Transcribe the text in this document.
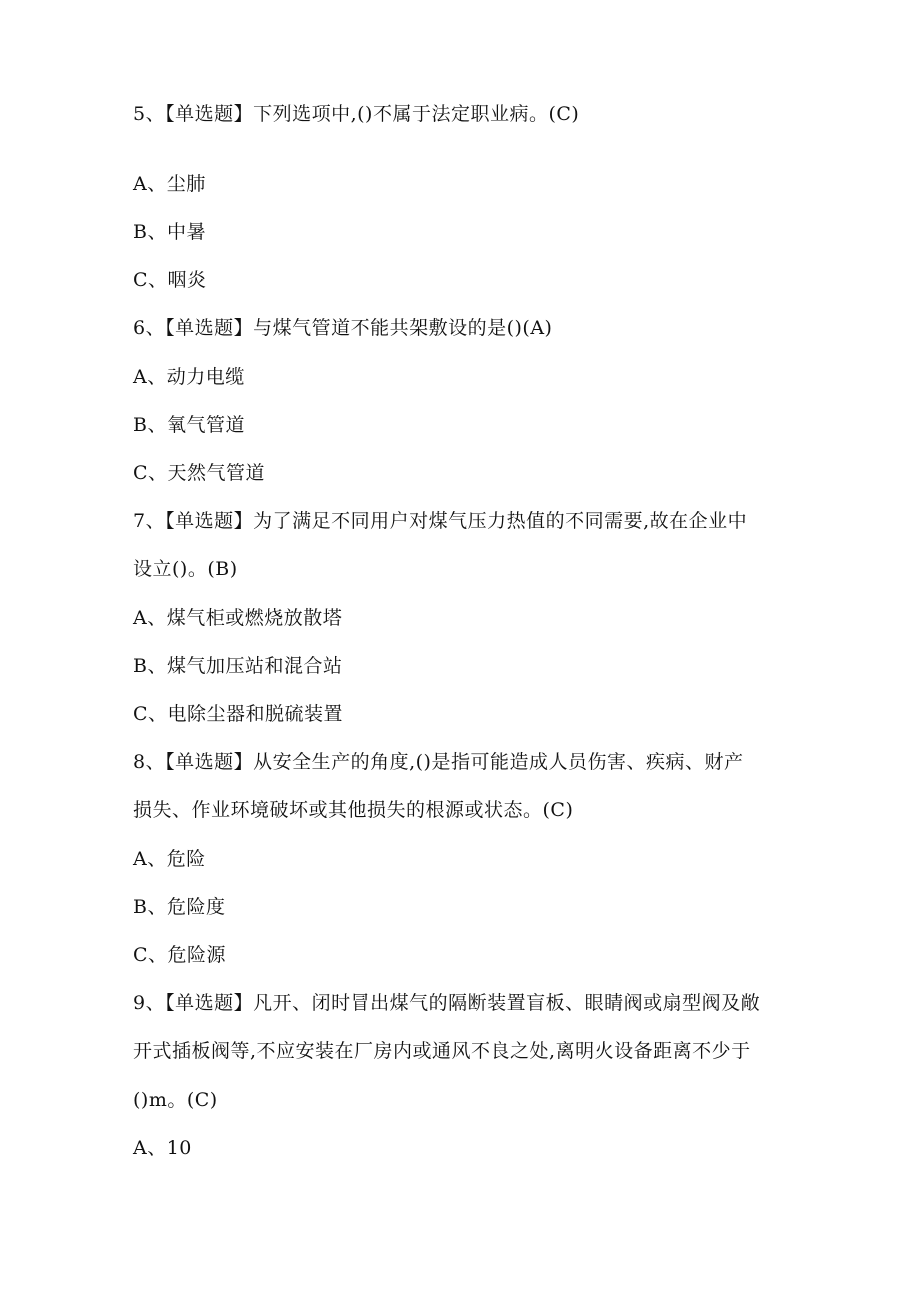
5、【单选题】下列选项中,()不属于法定职业病。(C)
A、尘肺
B、中暑
C、咽炎
6、【单选题】与煤气管道不能共架敷设的是()(A)
A、动力电缆
B、氧气管道
C、天然气管道
7、【单选题】为了满足不同用户对煤气压力热值的不同需要,故在企业中
设立()。(B)
A、煤气柜或燃烧放散塔
B、煤气加压站和混合站
C、电除尘器和脱硫装置
8、【单选题】从安全生产的角度,()是指可能造成人员伤害、疾病、财产
损失、作业环境破坏或其他损失的根源或状态。(C)
A、危险
B、危险度
C、危险源
9、【单选题】凡开、闭时冒出煤气的隔断装置盲板、眼睛阀或扇型阀及敞
开式插板阀等,不应安装在厂房内或通风不良之处,离明火设备距离不少于
()m。(C)
A、10
